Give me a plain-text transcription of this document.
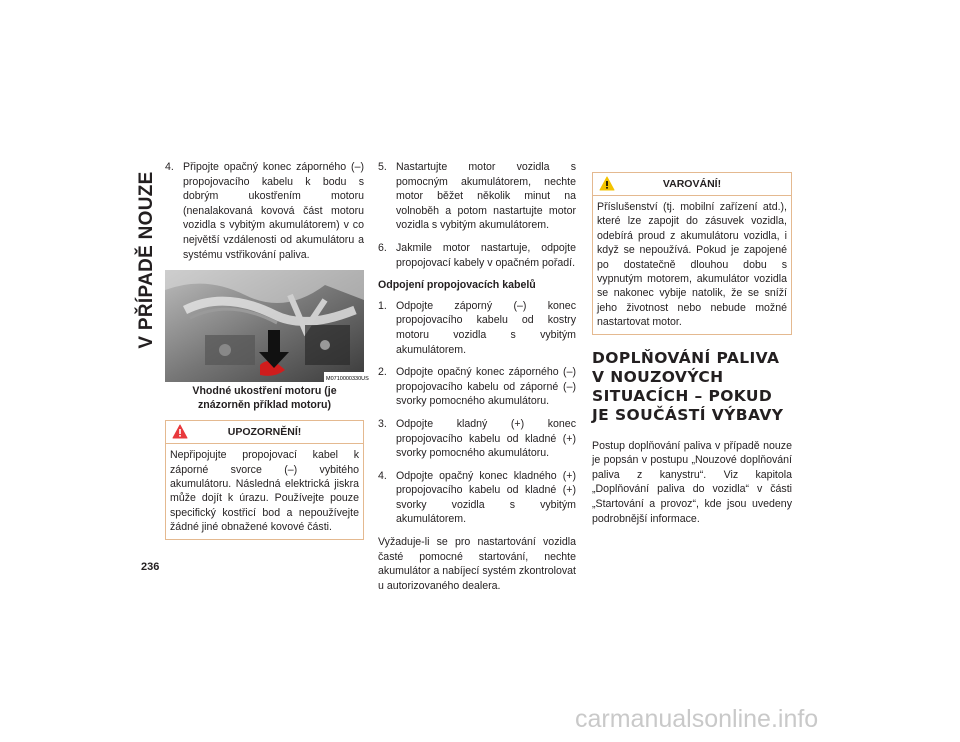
V PŘÍPADĚ NOUZE
236
4. Připojte opačný konec záporného (–) propojovacího kabelu k bodu s dobrým ukostřením motoru (nenalakovaná kovová část motoru vozidla s vybitým akumulátorem) v co největší vzdálenosti od akumulátoru a systému vstřikování paliva.
M0710000330US
Vhodné ukostření motoru (je znázorněn příklad motoru)
UPOZORNĚNÍ!
Nepřipojujte propojovací kabel k záporné svorce (–) vybitého akumulátoru. Následná elektrická jiskra může dojít k úrazu. Používejte pouze specifický kostřicí bod a nepoužívejte žádné jiné obnažené kovové části.
5. Nastartujte motor vozidla s pomocným akumulátorem, nechte motor běžet několik minut na volnoběh a potom nastartujte motor vozidla s vybitým akumulátorem.
6. Jakmile motor nastartuje, odpojte propojovací kabely v opačném pořadí.
Odpojení propojovacích kabelů
1. Odpojte záporný (–) konec propojovacího kabelu od kostry motoru vozidla s vybitým akumulátorem.
2. Odpojte opačný konec záporného (–) propojovacího kabelu od záporné (–) svorky pomocného akumulátoru.
3. Odpojte kladný (+) konec propojovacího kabelu od kladné (+) svorky pomocného akumulátoru.
4. Odpojte opačný konec kladného (+) propojovacího kabelu od kladné (+) svorky vozidla s vybitým akumulátorem.
Vyžaduje-li se pro nastartování vozidla časté pomocné startování, nechte akumulátor a nabíjecí systém zkontrolovat u autorizovaného dealera.
VAROVÁNÍ!
Příslušenství (tj. mobilní zařízení atd.), které lze zapojit do zásuvek vozidla, odebírá proud z akumulátoru vozidla, i když se nepoužívá. Pokud je zapojené po dostatečně dlouhou dobu s vypnutým motorem, akumulátor vozidla se nakonec vybije natolik, že se sníží jeho životnost nebo nebude možné nastartovat motor.
DOPLŇOVÁNÍ PALIVA V NOUZOVÝCH SITUACÍCH – POKUD JE SOUČÁSTÍ VÝBAVY
Postup doplňování paliva v případě nouze je popsán v postupu „Nouzové doplňování paliva z kanystru“. Viz kapitola „Doplňování paliva do vozidla“ v části „Startování a provoz“, kde jsou uvedeny podrobnější informace.
carmanualsonline.info
